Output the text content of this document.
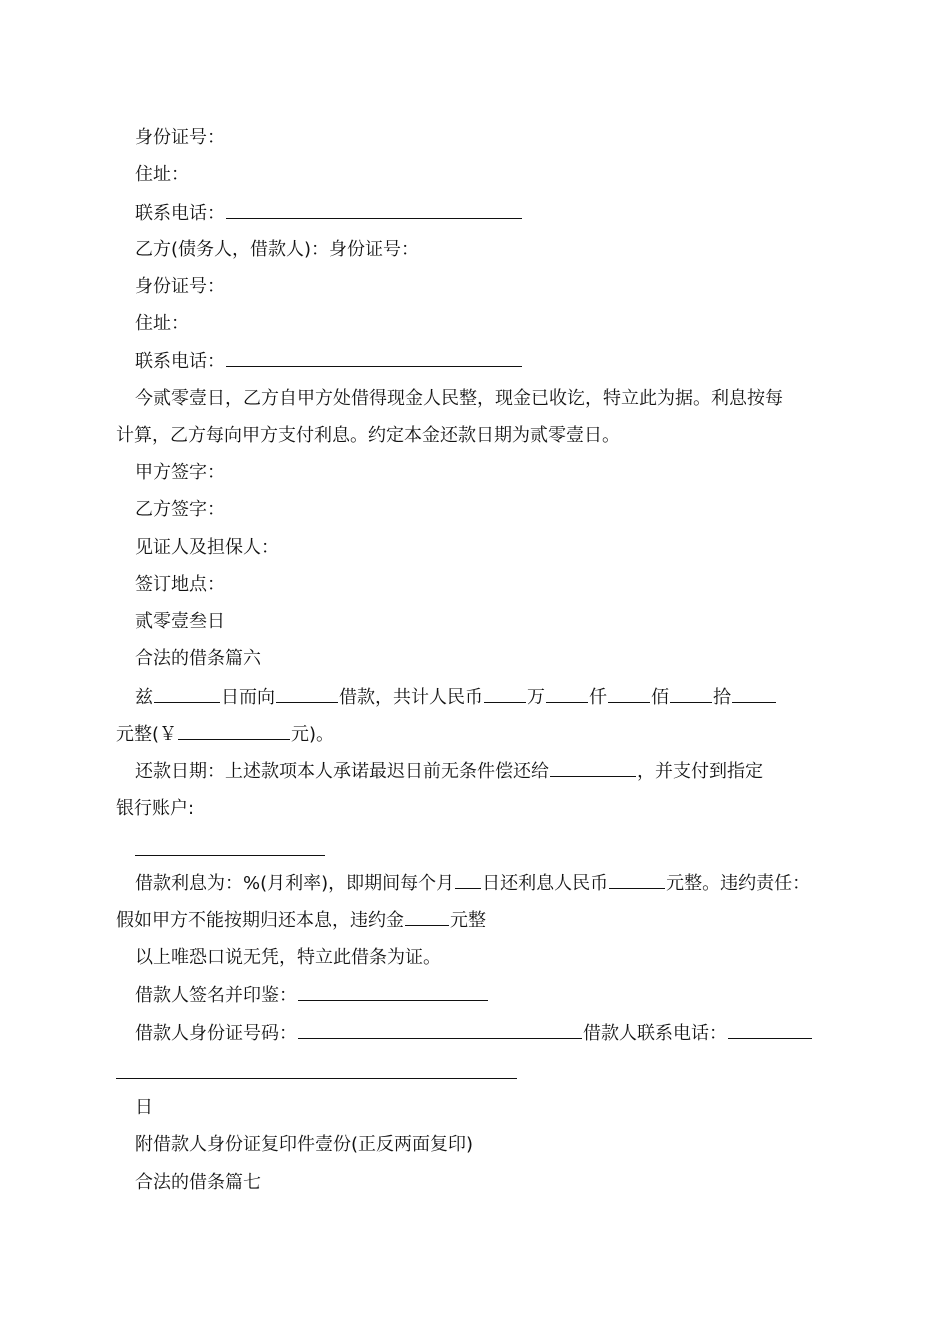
身份证号：
住址：
联系电话：
乙方(债务人，借款人)：身份证号：
身份证号：
住址：
联系电话：
今贰零壹日，乙方自甲方处借得现金人民整，现金已收讫，特立此为据。利息按每
计算，乙方每向甲方支付利息。约定本金还款日期为贰零壹日。
甲方签字：
乙方签字：
见证人及担保人：
签订地点：
贰零壹叁日
合法的借条篇六
兹	日而向	借款，共计人民币 万 仟 佰 拾
元整(￥	元)。
还款日期：上述款项本人承诺最迟日前无条件偿还给	，并支付到指定
银行账户:
借款利息为：%(月利率)，即期间每个月 日还利息人民币	元整。违约责任：
假如甲方不能按期归还本息，违约金	元整
以上唯恐口说无凭，特立此借条为证。
借款人签名并印鉴：
借款人身份证号码：	借款人联系电话：
日
附借款人身份证复印件壹份(正反两面复印)
合法的借条篇七
